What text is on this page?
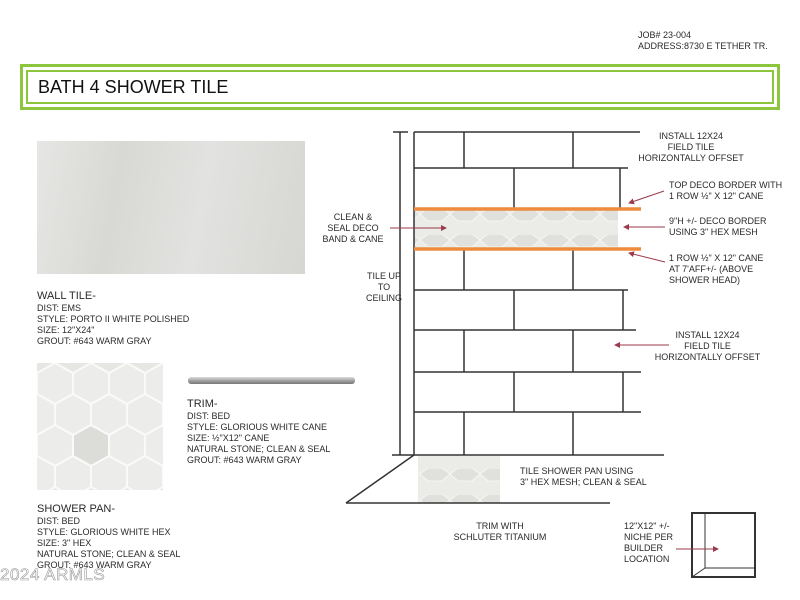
JOB# 23-004
ADDRESS:8730 E TETHER TR.
BATH 4 SHOWER TILE
WALL TILE-
DIST: EMS
STYLE: PORTO II WHITE POLISHED
SIZE: 12"X24"
GROUT: #643 WARM GRAY
SHOWER PAN-
DIST: BED
STYLE: GLORIOUS WHITE HEX
SIZE: 3" HEX
NATURAL STONE; CLEAN & SEAL
GROUT: #643 WARM GRAY
TRIM-
DIST: BED
STYLE: GLORIOUS WHITE CANE
SIZE: ½"X12" CANE
NATURAL STONE; CLEAN & SEAL
GROUT: #643 WARM GRAY
INSTALL 12X24
FIELD TILE
HORIZONTALLY OFFSET
TOP DECO BORDER WITH
1 ROW ½" X 12" CANE
9"H +/- DECO BORDER
USING 3" HEX MESH
1 ROW ½" X 12" CANE
AT 7'AFF+/- (ABOVE
SHOWER HEAD)
CLEAN &
SEAL DECO
BAND & CANE
TILE UP
TO
CEILING
INSTALL 12X24
FIELD TILE
HORIZONTALLY OFFSET
TILE SHOWER PAN USING
3" HEX MESH; CLEAN & SEAL
TRIM WITH
SCHLUTER TITANIUM
12"X12" +/-
NICHE PER
BUILDER
LOCATION
2024 ARMLS
